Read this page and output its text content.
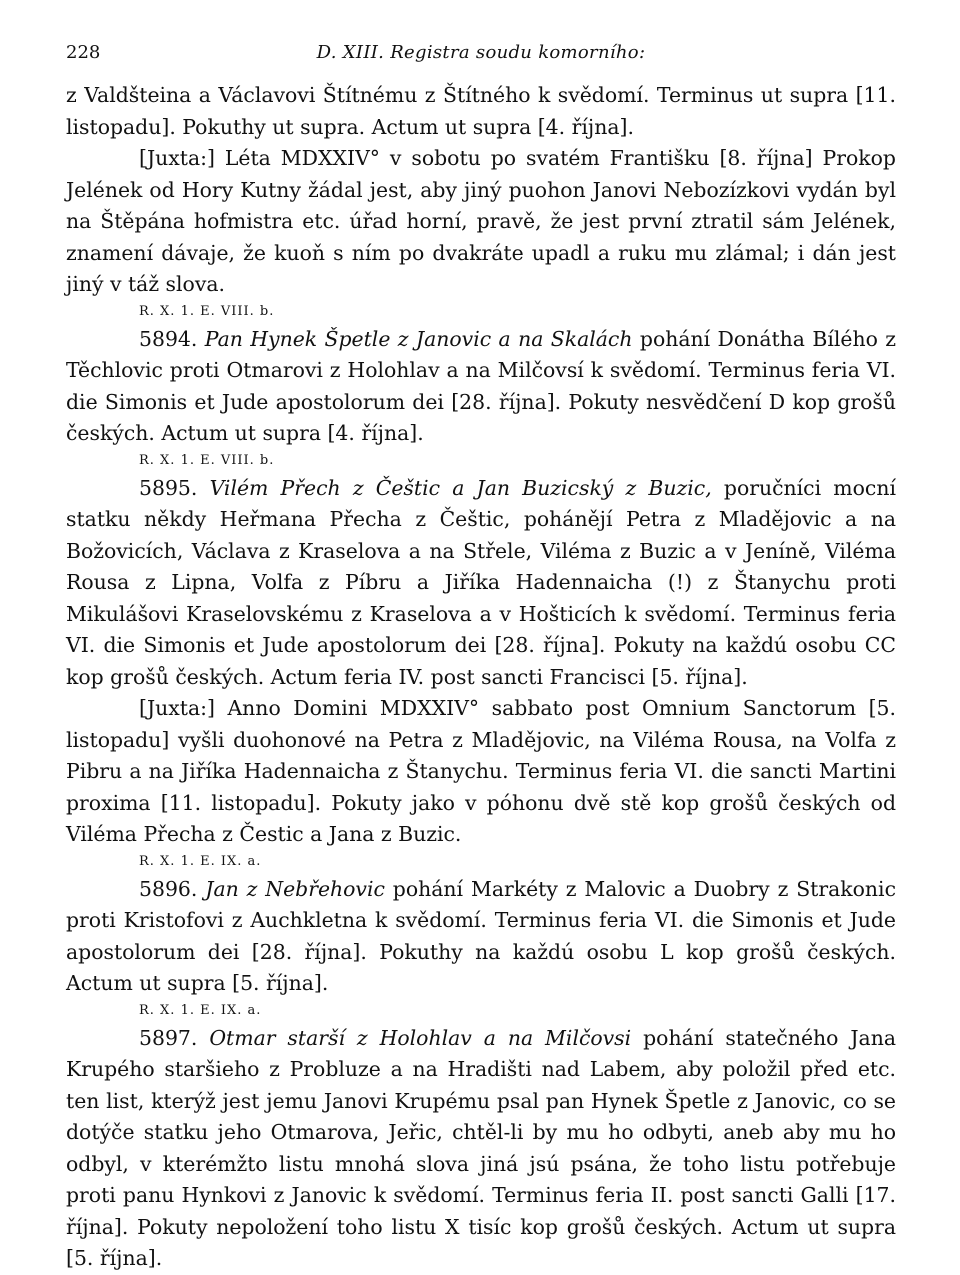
228	D. XIII. Registra soudu komorního:

z Valdšteina a Václavovi Štítnému z Štítného k svědomí. Terminus ut supra [11. listopadu]. Pokuthy ut supra. Actum ut supra [4. října].

[Juxta:] Léta MDXXIV° v sobotu po svatém Františku [8. října] Prokop Jelének od Hory Kutny žádal jest, aby jiný puohon Janovi Nebozízkovi vydán byl na Štěpána hofmistra etc. úřad horní, pravě, že jest první ztratil sám Jelének, znamení dávaje, že kuoň s ním po dvakráte upadl a ruku mu zlámal; i dán jest jiný v táž slova.

R. X. 1. E. VIII. b.

5894. Pan Hynek Špetle z Janovic a na Skalách pohání Donátha Bílého z Těchlovic proti Otmarovi z Holohlav a na Milčovsí k svědomí. Terminus feria VI. die Simonis et Jude apostolorum dei [28. října]. Pokuty nesvědčení D kop grošů českých. Actum ut supra [4. října].

R. X. 1. E. VIII. b.

5895. Vilém Přech z Češtic a Jan Buzicský z Buzic, poručníci mocní statku někdy Heřmana Přecha z Češtic, pohánějí Petra z Mladějovic a na Božovicích, Václava z Kraselova a na Střele, Viléma z Buzic a v Jeníně, Viléma Rousa z Lipna, Volfa z Píbru a Jiříka Hadennaicha (!) z Štanychu proti Mikulášovi Kraselovskému z Kraselova a v Hošticích k svědomí. Terminus feria VI. die Simonis et Jude apostolorum dei [28. října]. Pokuty na každú osobu CC kop grošů českých. Actum feria IV. post sancti Francisci [5. října].

[Juxta:] Anno Domini MDXXIV° sabbato post Omnium Sanctorum [5. listopadu] vyšli duohonové na Petra z Mladějovic, na Viléma Rousa, na Volfa z Pibru a na Jiříka Hadennaicha z Štanychu. Terminus feria VI. die sancti Martini proxima [11. listopadu]. Pokuty jako v póhonu dvě stě kop grošů českých od Viléma Přecha z Čestic a Jana z Buzic.

R. X. 1. E. IX. a.

5896. Jan z Nebřehovic pohání Markéty z Malovic a Duobry z Strakonic proti Kristofovi z Auchkletna k svědomí. Terminus feria VI. die Simonis et Jude apostolorum dei [28. října]. Pokuthy na každú osobu L kop grošů českých. Actum ut supra [5. října].

R. X. 1. E. IX. a.

5897. Otmar starší z Holohlav a na Milčovsi pohání statečného Jana Krupého staršieho z Probluze a na Hradišti nad Labem, aby položil před etc. ten list, kterýž jest jemu Janovi Krupému psal pan Hynek Špetle z Janovic, co se dotýče statku jeho Otmarova, Jeřic, chtěl-li by mu ho odbyti, aneb aby mu ho odbyl, v kterémžto listu mnohá slova jiná jsú psána, že toho listu potřebuje proti panu Hynkovi z Janovic k svědomí. Terminus feria II. post sancti Galli [17. října]. Pokuty nepoložení toho listu X tisíc kop grošů českých. Actum ut supra [5. října].
